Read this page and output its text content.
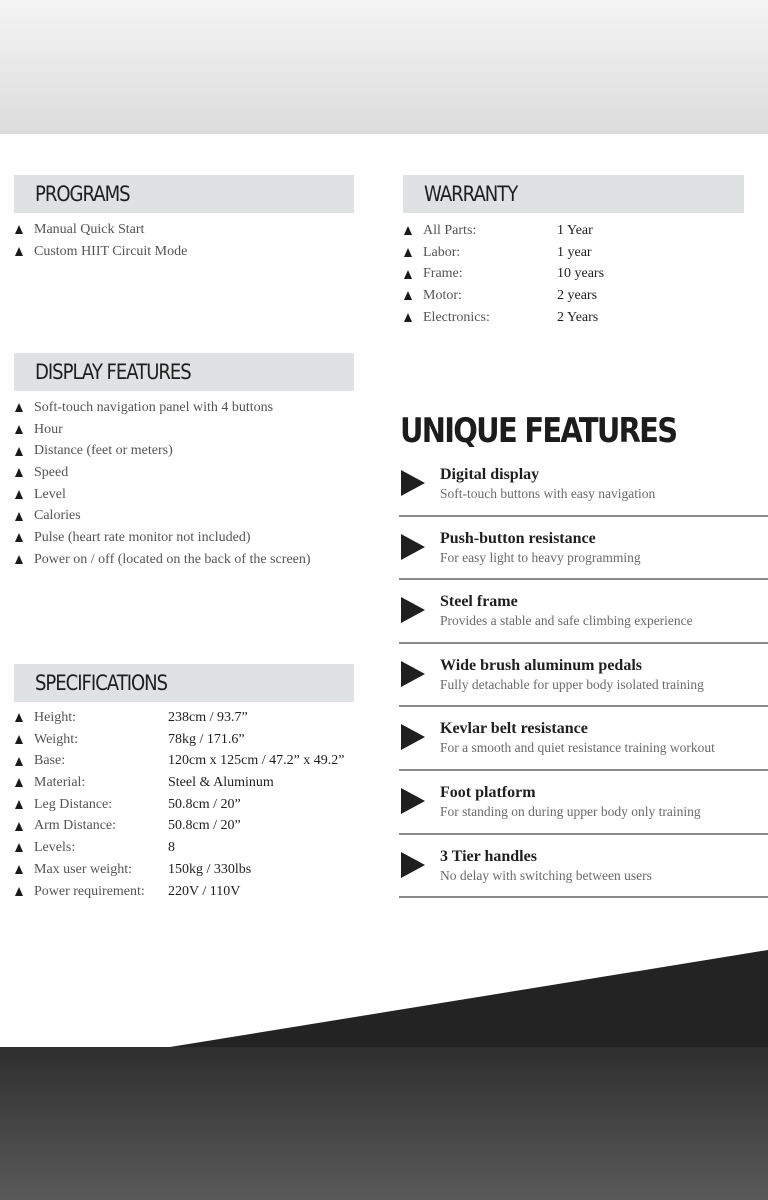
PROGRAMS
Manual Quick Start
Custom HIIT Circuit Mode
WARRANTY
All Parts:	1 Year
Labor:	1 year
Frame:	10 years
Motor:	2 years
Electronics:	2 Years
DISPLAY FEATURES
Soft-touch navigation panel with 4 buttons
Hour
Distance (feet or meters)
Speed
Level
Calories
Pulse (heart rate monitor not included)
Power on / off (located on the back of the screen)
SPECIFICATIONS
Height:	238cm / 93.7”
Weight:	78kg / 171.6”
Base:	120cm x 125cm / 47.2” x 49.2”
Material:	Steel & Aluminum
Leg Distance:	50.8cm / 20”
Arm Distance:	50.8cm / 20”
Levels:	8
Max user weight:	150kg / 330lbs
Power requirement:	220V / 110V
UNIQUE FEATURES
Digital display
Soft-touch buttons with easy navigation
Push-button resistance
For easy light to heavy programming
Steel frame
Provides a stable and safe climbing experience
Wide brush aluminum pedals
Fully detachable for upper body isolated training
Kevlar belt resistance
For a smooth and quiet resistance training workout
Foot platform
For standing on during upper body only training
3 Tier handles
No delay with switching between users
